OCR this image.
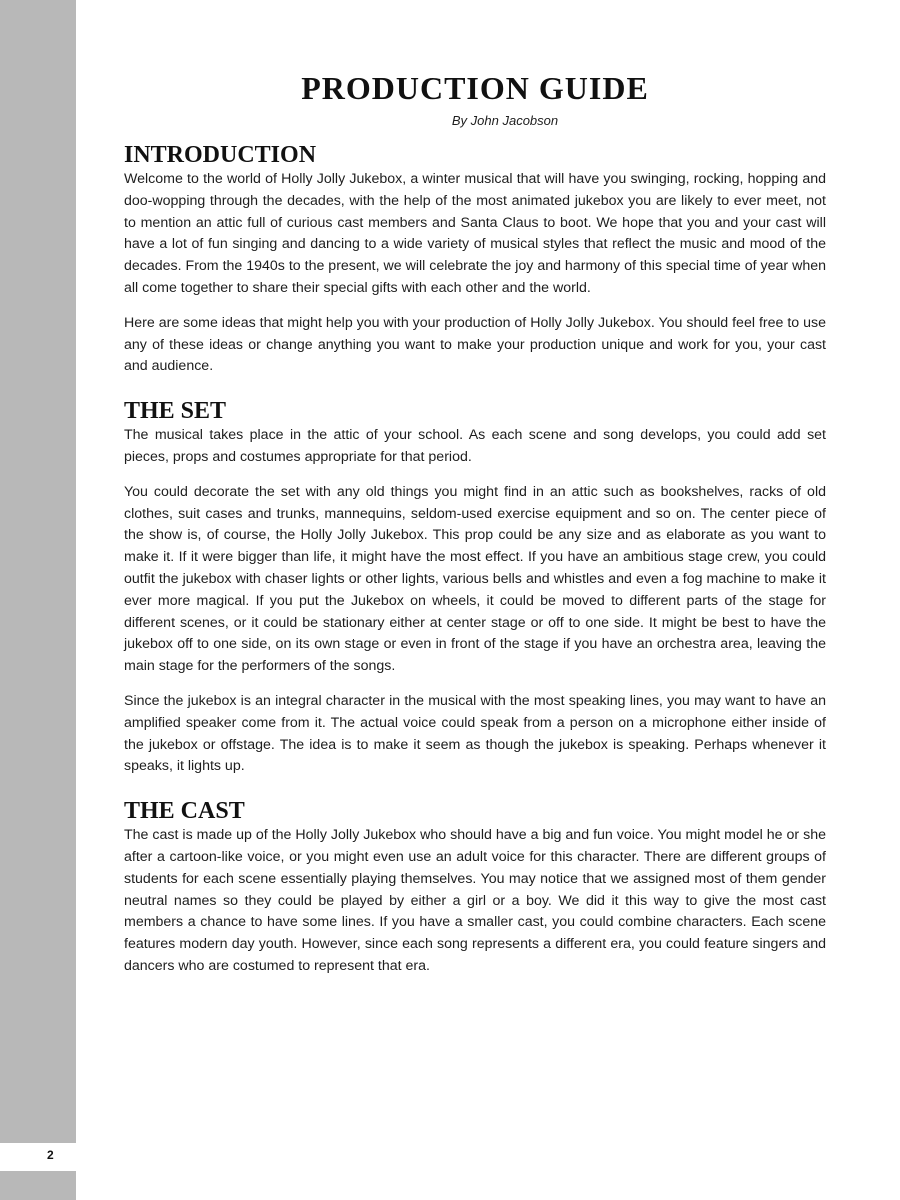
2
PRODUCTION GUIDE

By John Jacobson

INTRODUCTION

Welcome to the world of Holly Jolly Jukebox, a winter musical that will have you swinging, rocking, hopping and doo-wopping through the decades, with the help of the most animated jukebox you are likely to ever meet, not to mention an attic full of curious cast members and Santa Claus to boot. We hope that you and your cast will have a lot of fun singing and dancing to a wide variety of musical styles that reflect the music and mood of the decades. From the 1940s to the present, we will celebrate the joy and harmony of this special time of year when all come together to share their special gifts with each other and the world.

Here are some ideas that might help you with your production of Holly Jolly Jukebox. You should feel free to use any of these ideas or change anything you want to make your production unique and work for you, your cast and audience.

THE SET

The musical takes place in the attic of your school. As each scene and song develops, you could add set pieces, props and costumes appropriate for that period.

You could decorate the set with any old things you might find in an attic such as bookshelves, racks of old clothes, suit cases and trunks, mannequins, seldom-used exercise equipment and so on. The center piece of the show is, of course, the Holly Jolly Jukebox. This prop could be any size and as elaborate as you want to make it. If it were bigger than life, it might have the most effect. If you have an ambitious stage crew, you could outfit the jukebox with chaser lights or other lights, various bells and whistles and even a fog machine to make it ever more magical. If you put the Jukebox on wheels, it could be moved to different parts of the stage for different scenes, or it could be stationary either at center stage or off to one side. It might be best to have the jukebox off to one side, on its own stage or even in front of the stage if you have an orchestra area, leaving the main stage for the performers of the songs.

Since the jukebox is an integral character in the musical with the most speaking lines, you may want to have an amplified speaker come from it. The actual voice could speak from a person on a microphone either inside of the jukebox or offstage. The idea is to make it seem as though the jukebox is speaking. Perhaps whenever it speaks, it lights up.

THE CAST

The cast is made up of the Holly Jolly Jukebox who should have a big and fun voice. You might model he or she after a cartoon-like voice, or you might even use an adult voice for this character. There are different groups of students for each scene essentially playing themselves. You may notice that we assigned most of them gender neutral names so they could be played by either a girl or a boy. We did it this way to give the most cast members a chance to have some lines. If you have a smaller cast, you could combine characters. Each scene features modern day youth. However, since each song represents a different era, you could feature singers and dancers who are costumed to represent that era.
